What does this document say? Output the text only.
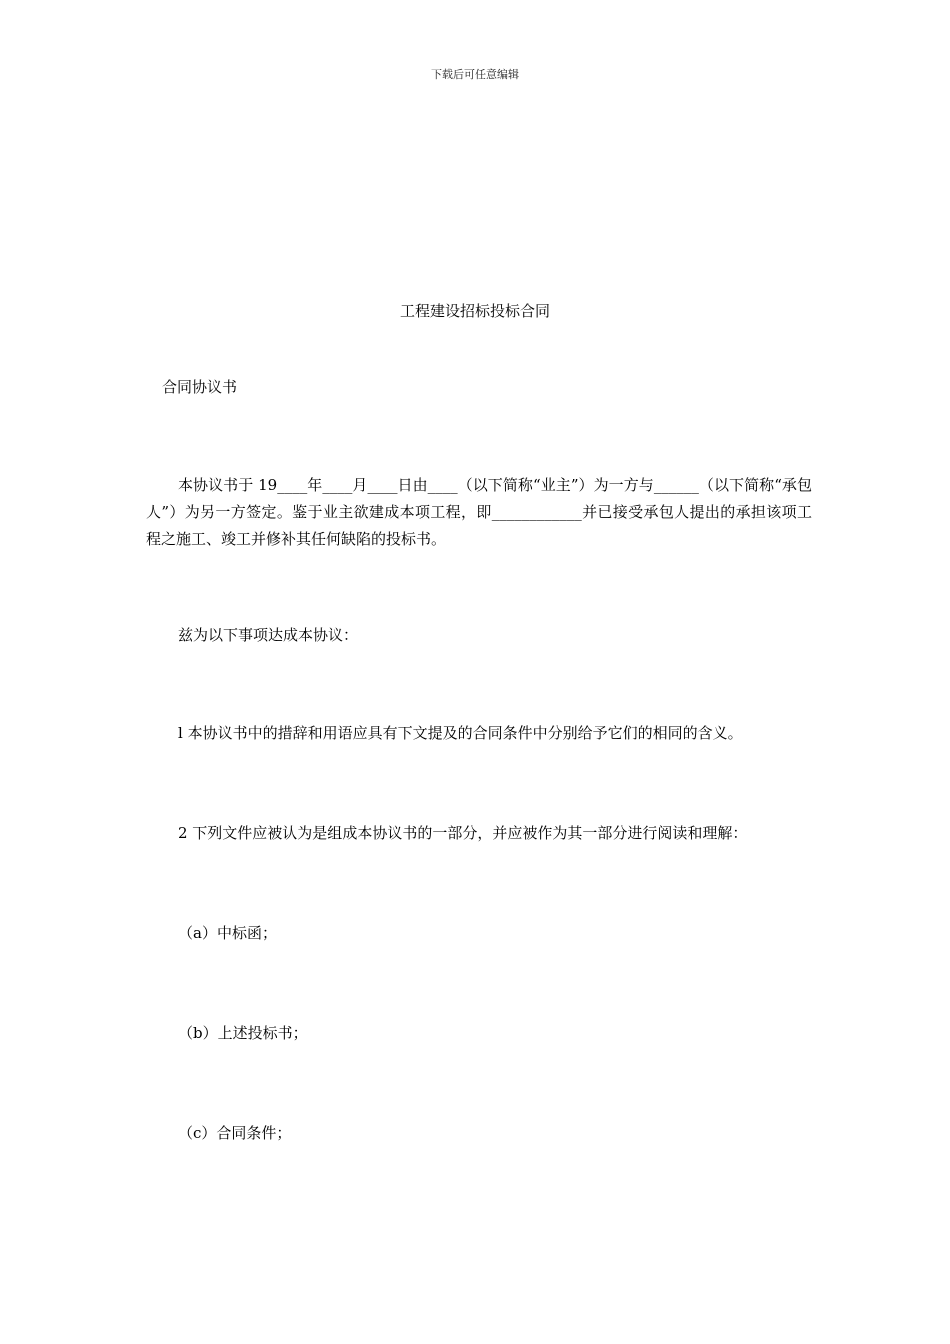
下载后可任意编辑
工程建设招标投标合同
合同协议书
本协议书于 19____年____月____日由____（以下简称“业主”）为一方与______（以下简称“承包人”）为另一方签定。鉴于业主欲建成本项工程，即____________并已接受承包人提出的承担该项工程之施工、竣工并修补其任何缺陷的投标书。
兹为以下事项达成本协议：
l 本协议书中的措辞和用语应具有下文提及的合同条件中分别给予它们的相同的含义。
2 下列文件应被认为是组成本协议书的一部分，并应被作为其一部分进行阅读和理解：
（a）中标函；
（b）上述投标书；
（c）合同条件；
